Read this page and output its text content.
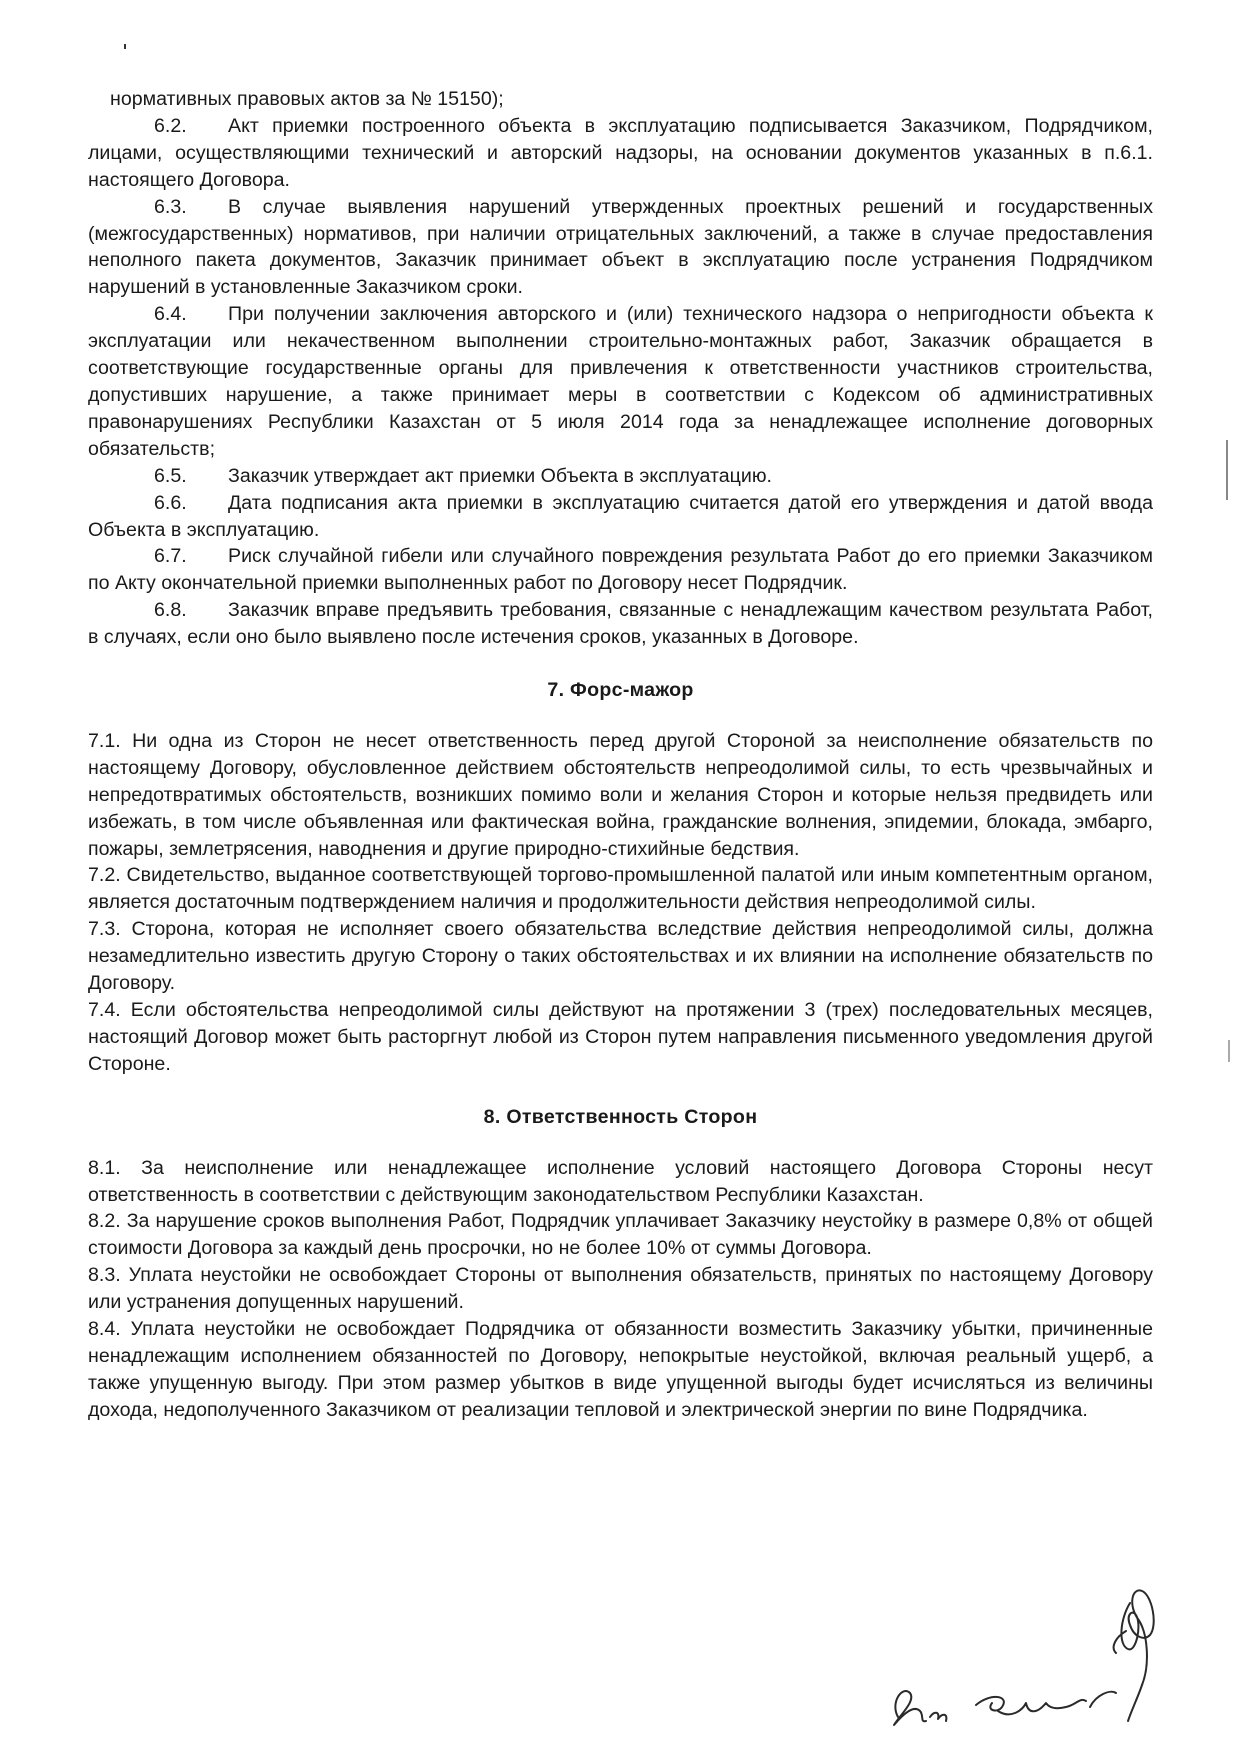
нормативных правовых актов за № 15150);

6.2. Акт приемки построенного объекта в эксплуатацию подписывается Заказчиком, Подрядчиком, лицами, осуществляющими технический и авторский надзоры, на основании документов указанных в п.6.1. настоящего Договора.

6.3. В случае выявления нарушений утвержденных проектных решений и государственных (межгосударственных) нормативов, при наличии отрицательных заключений, а также в случае предоставления неполного пакета документов, Заказчик принимает объект в эксплуатацию после устранения Подрядчиком нарушений в установленные Заказчиком сроки.

6.4. При получении заключения авторского и (или) технического надзора о непригодности объекта к эксплуатации или некачественном выполнении строительно-монтажных работ, Заказчик обращается в соответствующие государственные органы для привлечения к ответственности участников строительства, допустивших нарушение, а также принимает меры в соответствии с Кодексом об административных правонарушениях Республики Казахстан от 5 июля 2014 года за ненадлежащее исполнение договорных обязательств;

6.5. Заказчик утверждает акт приемки Объекта в эксплуатацию.

6.6. Дата подписания акта приемки в эксплуатацию считается датой его утверждения и датой ввода Объекта в эксплуатацию.

6.7. Риск случайной гибели или случайного повреждения результата Работ до его приемки Заказчиком по Акту окончательной приемки выполненных работ по Договору несет Подрядчик.

6.8. Заказчик вправе предъявить требования, связанные с ненадлежащим качеством результата Работ, в случаях, если оно было выявлено после истечения сроков, указанных в Договоре.

7. Форс-мажор

7.1. Ни одна из Сторон не несет ответственность перед другой Стороной за неисполнение обязательств по настоящему Договору, обусловленное действием обстоятельств непреодолимой силы, то есть чрезвычайных и непредотвратимых обстоятельств, возникших помимо воли и желания Сторон и которые нельзя предвидеть или избежать, в том числе объявленная или фактическая война, гражданские волнения, эпидемии, блокада, эмбарго, пожары, землетрясения, наводнения и другие природно-стихийные бедствия.

7.2. Свидетельство, выданное соответствующей торгово-промышленной палатой или иным компетентным органом, является достаточным подтверждением наличия и продолжительности действия непреодолимой силы.

7.3. Сторона, которая не исполняет своего обязательства вследствие действия непреодолимой силы, должна незамедлительно известить другую Сторону о таких обстоятельствах и их влиянии на исполнение обязательств по Договору.

7.4. Если обстоятельства непреодолимой силы действуют на протяжении 3 (трех) последовательных месяцев, настоящий Договор может быть расторгнут любой из Сторон путем направления письменного уведомления другой Стороне.

8. Ответственность Сторон

8.1. За неисполнение или ненадлежащее исполнение условий настоящего Договора Стороны несут ответственность в соответствии с действующим законодательством Республики Казахстан.

8.2. За нарушение сроков выполнения Работ, Подрядчик уплачивает Заказчику неустойку в размере 0,8% от общей стоимости Договора за каждый день просрочки, но не более 10% от суммы Договора.

8.3. Уплата неустойки не освобождает Стороны от выполнения обязательств, принятых по настоящему Договору или устранения допущенных нарушений.

8.4. Уплата неустойки не освобождает Подрядчика от обязанности возместить Заказчику убытки, причиненные ненадлежащим исполнением обязанностей по Договору, непокрытые неустойкой, включая реальный ущерб, а также упущенную выгоду. При этом размер убытков в виде упущенной выгоды будет исчисляться из величины дохода, недополученного Заказчиком от реализации тепловой и электрической энергии по вине Подрядчика.
